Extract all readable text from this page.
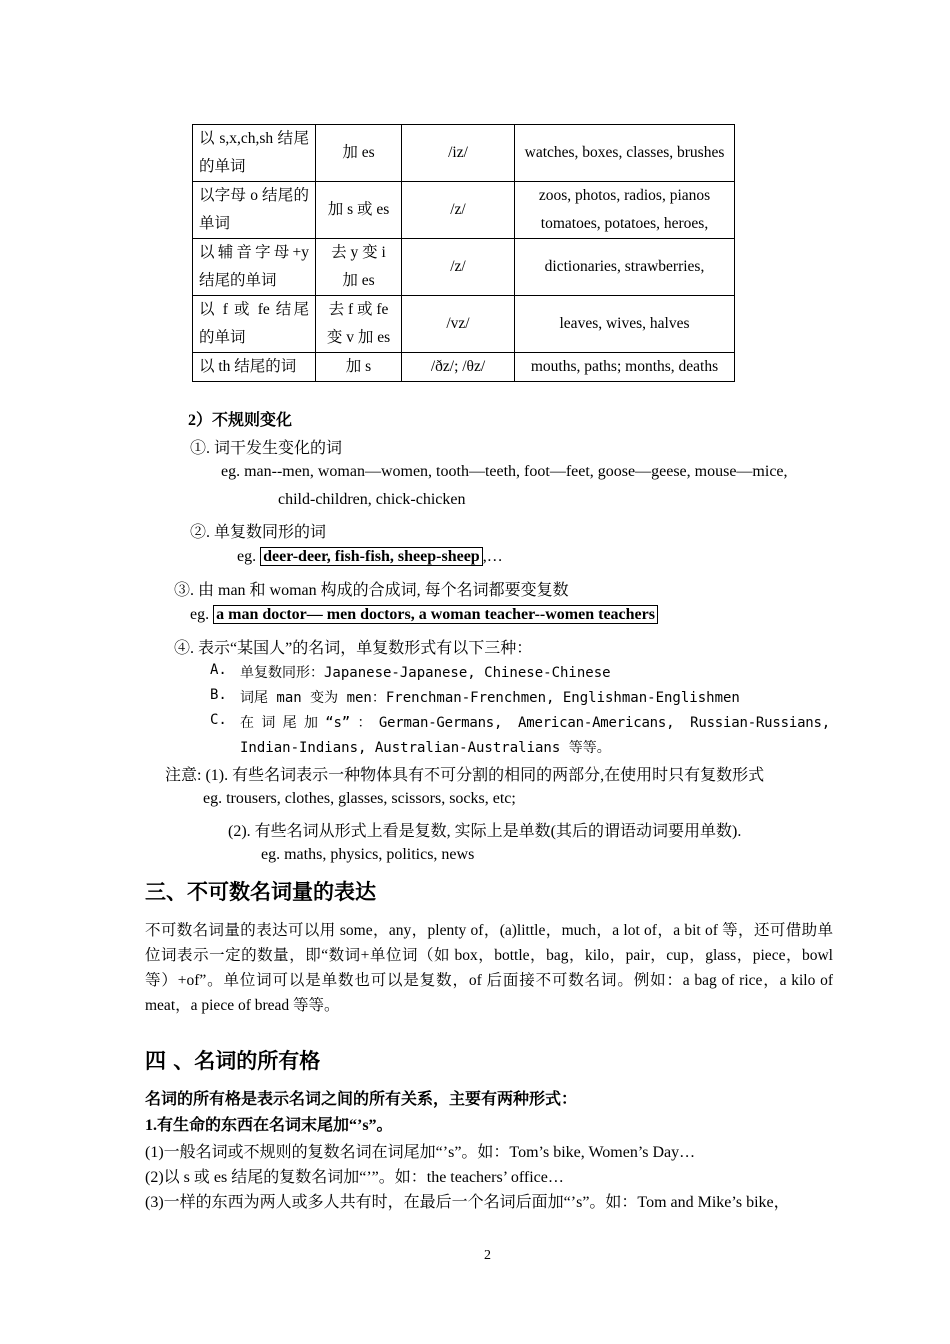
以 s,x,ch,sh 结尾的单词	加 es	/iz/	watches, boxes, classes, brushes
以字母 o 结尾的单词	加 s 或 es	/z/	zoos, photos, radios, pianos tomatoes, potatoes, heroes,
以辅音字母+y 结尾的单词	去 y 变 i 加 es	/z/	dictionaries, strawberries,
以 f 或 fe 结尾的单词	去 f 或 fe 变 v 加 es	/vz/	leaves, wives, halves
以 th 结尾的词	加 s	/ðz/; /θz/	mouths, paths; months, deaths
2）不规则变化
①. 词干发生变化的词
eg. man--men, woman—women, tooth—teeth, foot—feet, goose—geese, mouse—mice,
child-children, chick-chicken
②. 单复数同形的词
eg. deer-deer, fish-fish, sheep-sheep ,…
③. 由 man 和 woman 构成的合成词, 每个名词都要变复数
eg. a man doctor— men doctors, a woman teacher--women teachers
④. 表示“某国人”的名词，单复数形式有以下三种：
A. 单复数同形：Japanese-Japanese, Chinese-Chinese
B. 词尾 man 变为 men：Frenchman-Frenchmen, Englishman-Englishmen
C. 在词尾加“s”：German-Germans, American-Americans, Russian-Russians,
Indian-Indians, Australian-Australians 等等。
注意: (1). 有些名词表示一种物体具有不可分割的相同的两部分,在使用时只有复数形式
eg. trousers, clothes, glasses, scissors, socks, etc;
(2). 有些名词从形式上看是复数, 实际上是单数(其后的谓语动词要用单数).
eg. maths, physics, politics, news
三、不可数名词量的表达
不可数名词量的表达可以用 some，any，plenty of，(a)little，much，a lot of，a bit of 等，还可借助单位词表示一定的数量，即“数词+单位词（如 box，bottle，bag，kilo，pair，cup，glass，piece，bowl 等）+of”。单位词可以是单数也可以是复数，of 后面接不可数名词。例如：a bag of rice，a kilo of meat，a piece of bread 等等。
四 、名词的所有格
名词的所有格是表示名词之间的所有关系，主要有两种形式：
1.有生命的东西在名词末尾加“’s”。
(1)一般名词或不规则的复数名词在词尾加“’s”。如：Tom’s bike, Women’s Day…
(2)以 s 或 es 结尾的复数名词加“’”。如：the teachers’ office…
(3)一样的东西为两人或多人共有时，在最后一个名词后面加“’s”。如：Tom and Mike’s bike，
2
